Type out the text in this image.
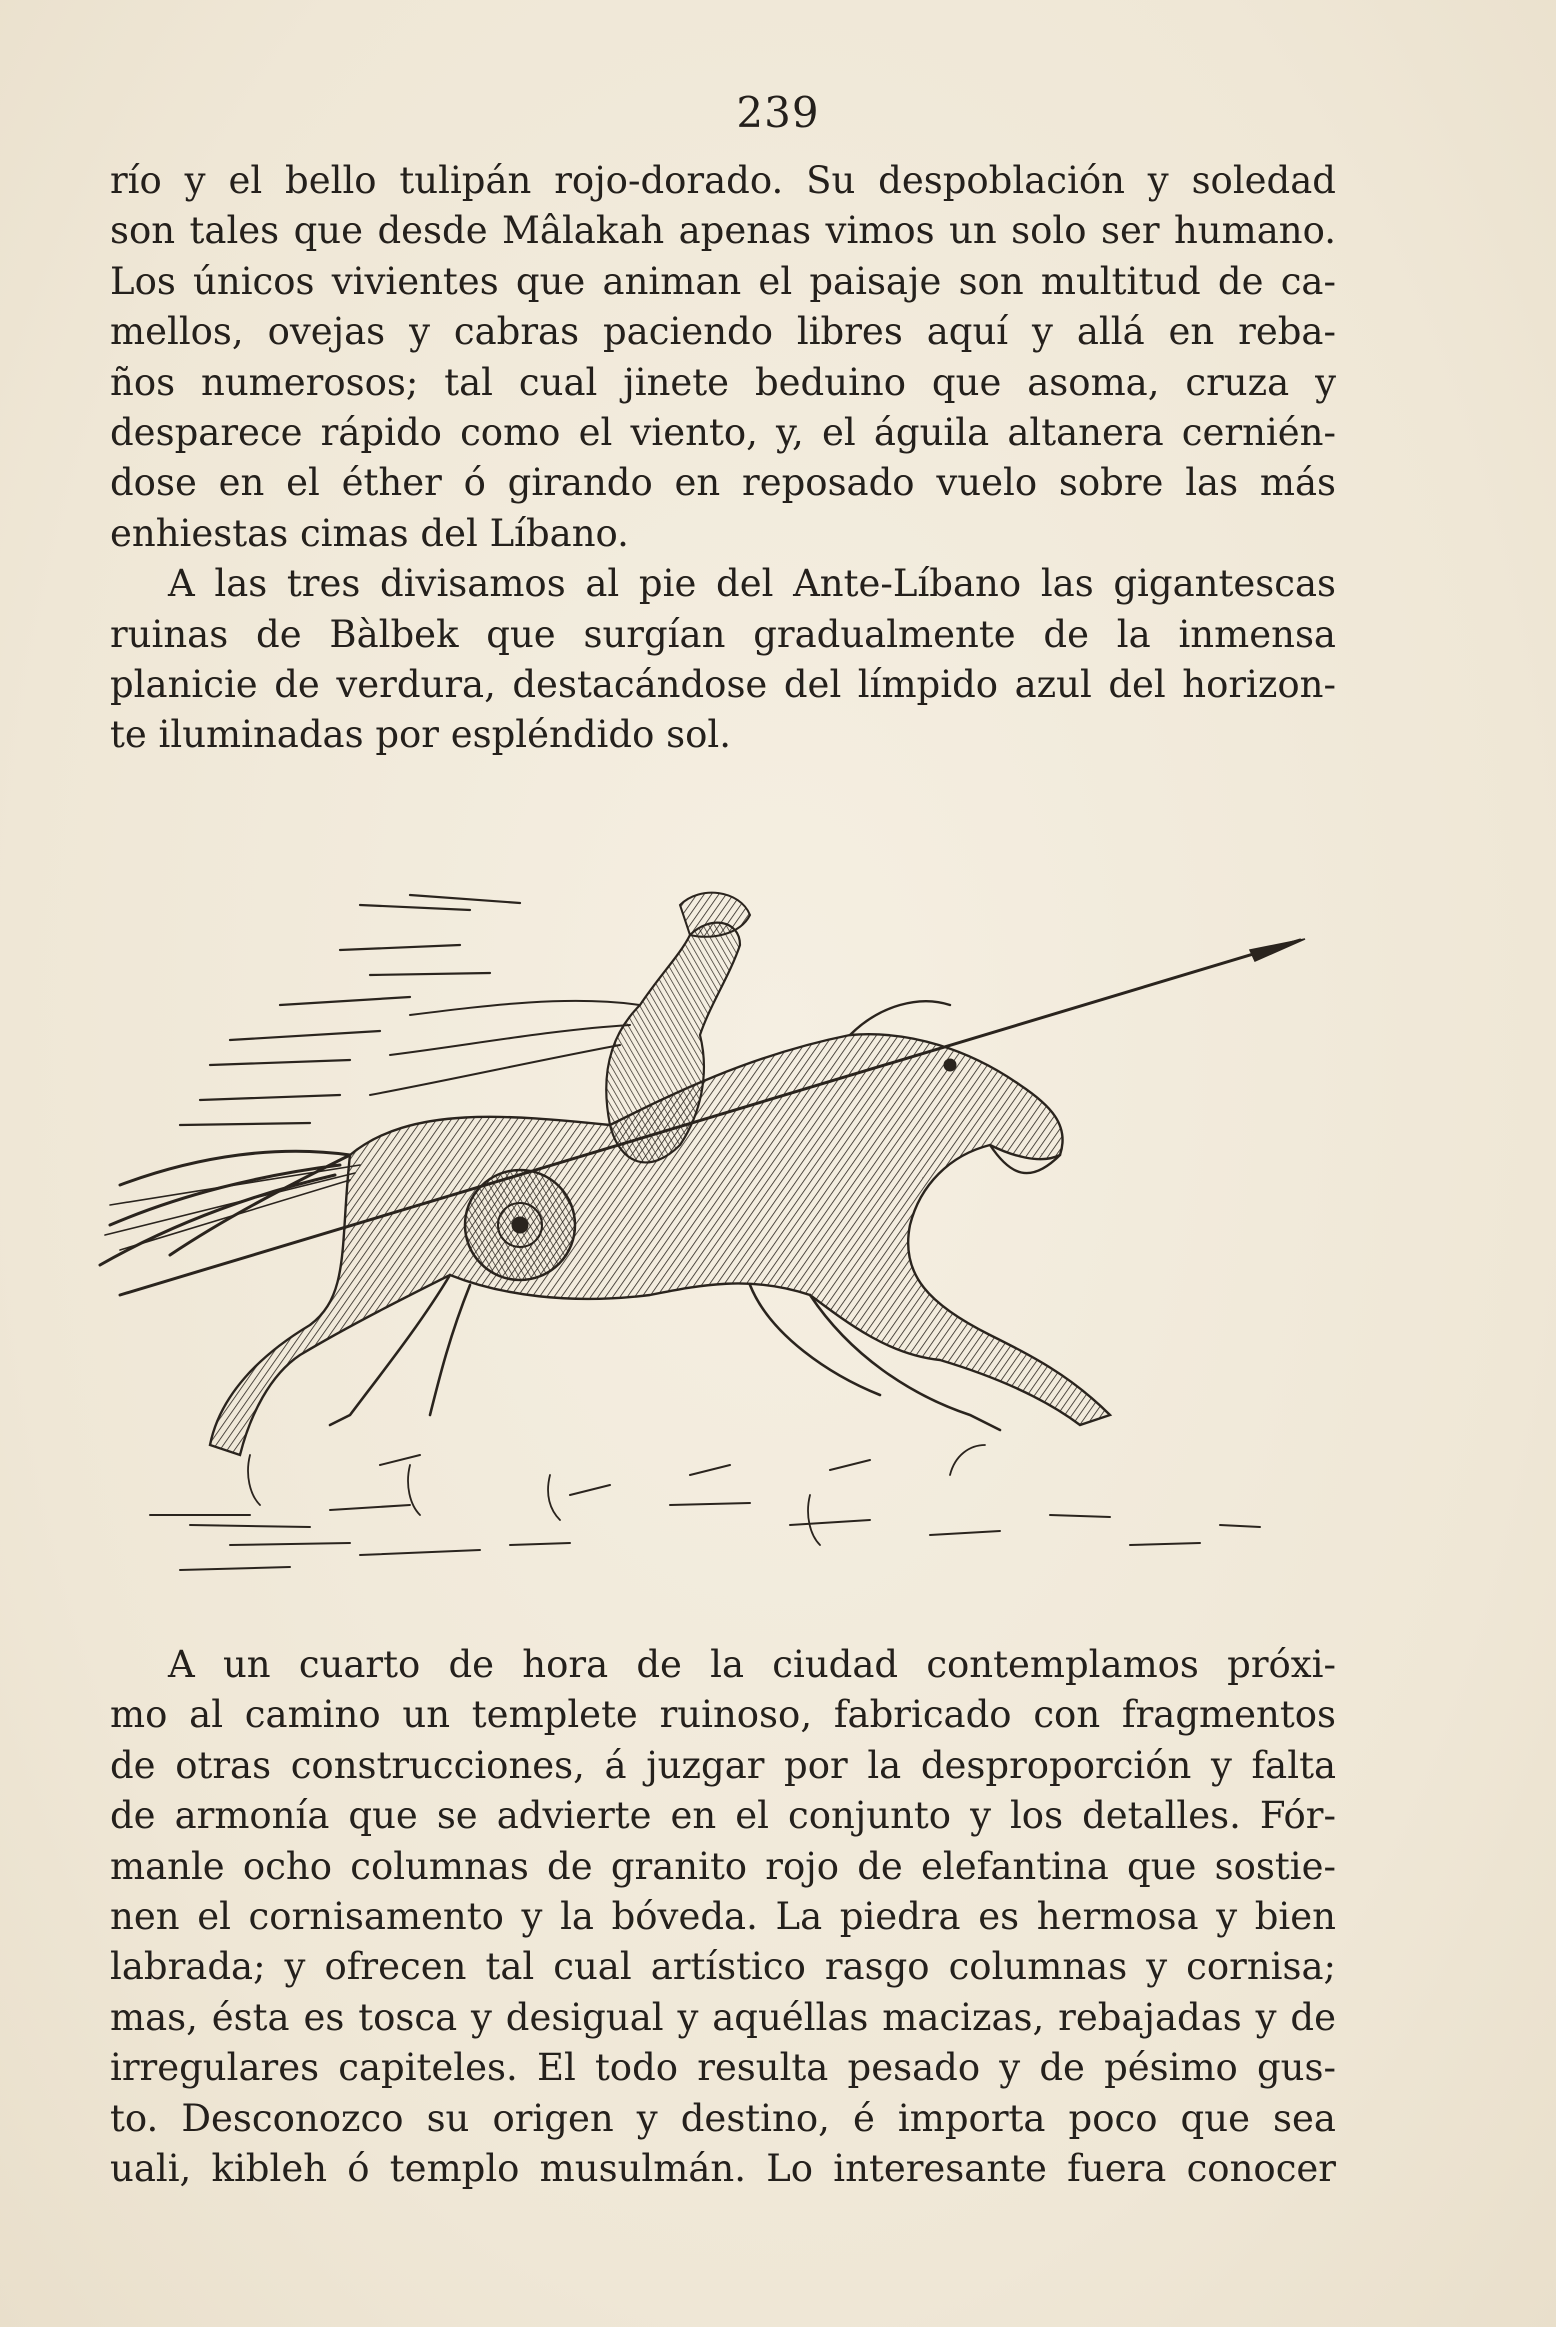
239
río y el bello tulipán rojo-dorado. Su despoblación y soledad
son tales que desde Mâlakah apenas vimos un solo ser humano.
Los únicos vivientes que animan el paisaje son multitud de ca-
mellos, ovejas y cabras paciendo libres aquí y allá en reba-
ños numerosos; tal cual jinete beduino que asoma, cruza y
desparece rápido como el viento, y, el águila altanera cernién-
dose en el éther ó girando en reposado vuelo sobre las más
enhiestas cimas del Líbano.
A las tres divisamos al pie del Ante-Líbano las gigantescas
ruinas de Bàlbek que surgían gradualmente de la inmensa
planicie de verdura, destacándose del límpido azul del horizon-
te iluminadas por espléndido sol.
A un cuarto de hora de la ciudad contemplamos próxi-
mo al camino un templete ruinoso, fabricado con fragmentos
de otras construcciones, á juzgar por la desproporción y falta
de armonía que se advierte en el conjunto y los detalles. Fór-
manle ocho columnas de granito rojo de elefantina que sostie-
nen el cornisamento y la bóveda. La piedra es hermosa y bien
labrada; y ofrecen tal cual artístico rasgo columnas y cornisa;
mas, ésta es tosca y desigual y aquéllas macizas, rebajadas y de
irregulares capiteles. El todo resulta pesado y de pésimo gus-
to. Desconozco su origen y destino, é importa poco que sea
uali, kibleh ó templo musulmán. Lo interesante fuera conocer
